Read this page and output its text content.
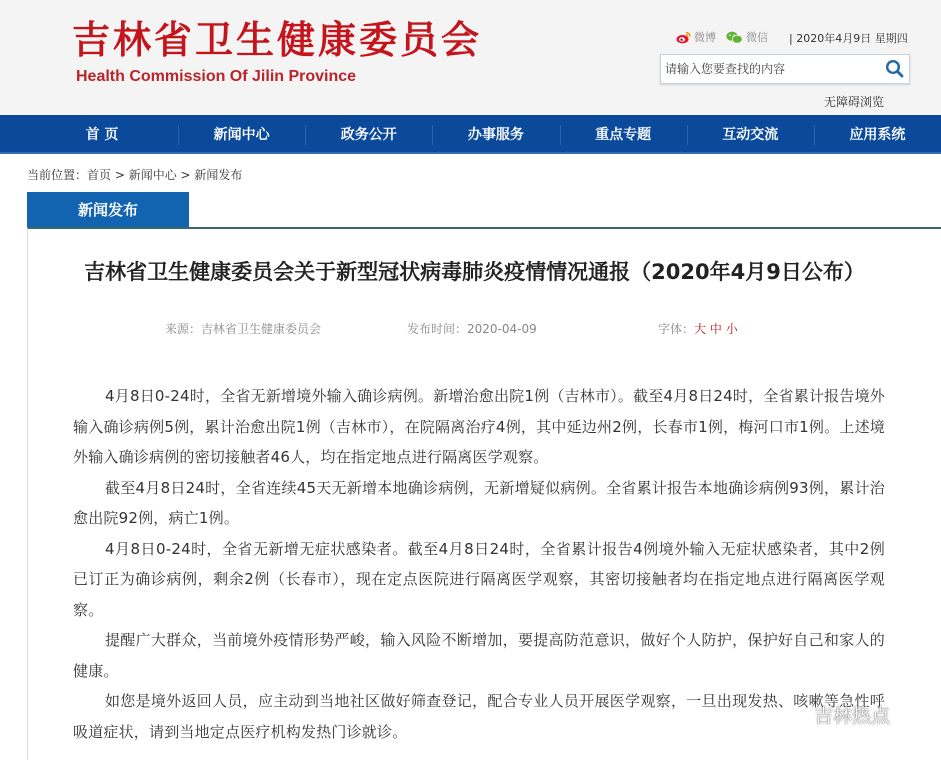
吉林省卫生健康委员会
Health Commission Of Jilin Province
微博	微信 | 2020年4月9日 星期四
请输入您要查找的内容
无障碍浏览
首 页	新闻中心	政务公开	办事服务	重点专题	互动交流	应用系统
当前位置：首页 > 新闻中心 > 新闻发布
新闻发布
吉林省卫生健康委员会关于新型冠状病毒肺炎疫情情况通报（2020年4月9日公布）
来源：吉林省卫生健康委员会	发布时间：2020-04-09	字体：大 中 小

4月8日0-24时，全省无新增境外输入确诊病例。新增治愈出院1例（吉林市）。截至4月8日24时，全省累计报告境外输入确诊病例5例，累计治愈出院1例（吉林市），在院隔离治疗4例，其中延边州2例，长春市1例，梅河口市1例。上述境外输入确诊病例的密切接触者46人，均在指定地点进行隔离医学观察。

截至4月8日24时，全省连续45天无新增本地确诊病例，无新增疑似病例。全省累计报告本地确诊病例93例，累计治愈出院92例，病亡1例。

4月8日0-24时，全省无新增无症状感染者。截至4月8日24时，全省累计报告4例境外输入无症状感染者，其中2例已订正为确诊病例，剩余2例（长春市），现在定点医院进行隔离医学观察，其密切接触者均在指定地点进行隔离医学观察。

提醒广大群众，当前境外疫情形势严峻，输入风险不断增加，要提高防范意识，做好个人防护，保护好自己和家人的健康。

如您是境外返回人员，应主动到当地社区做好筛查登记，配合专业人员开展医学观察，一旦出现发热、咳嗽等急性呼吸道症状，请到当地定点医疗机构发热门诊就诊。

吉林热点
